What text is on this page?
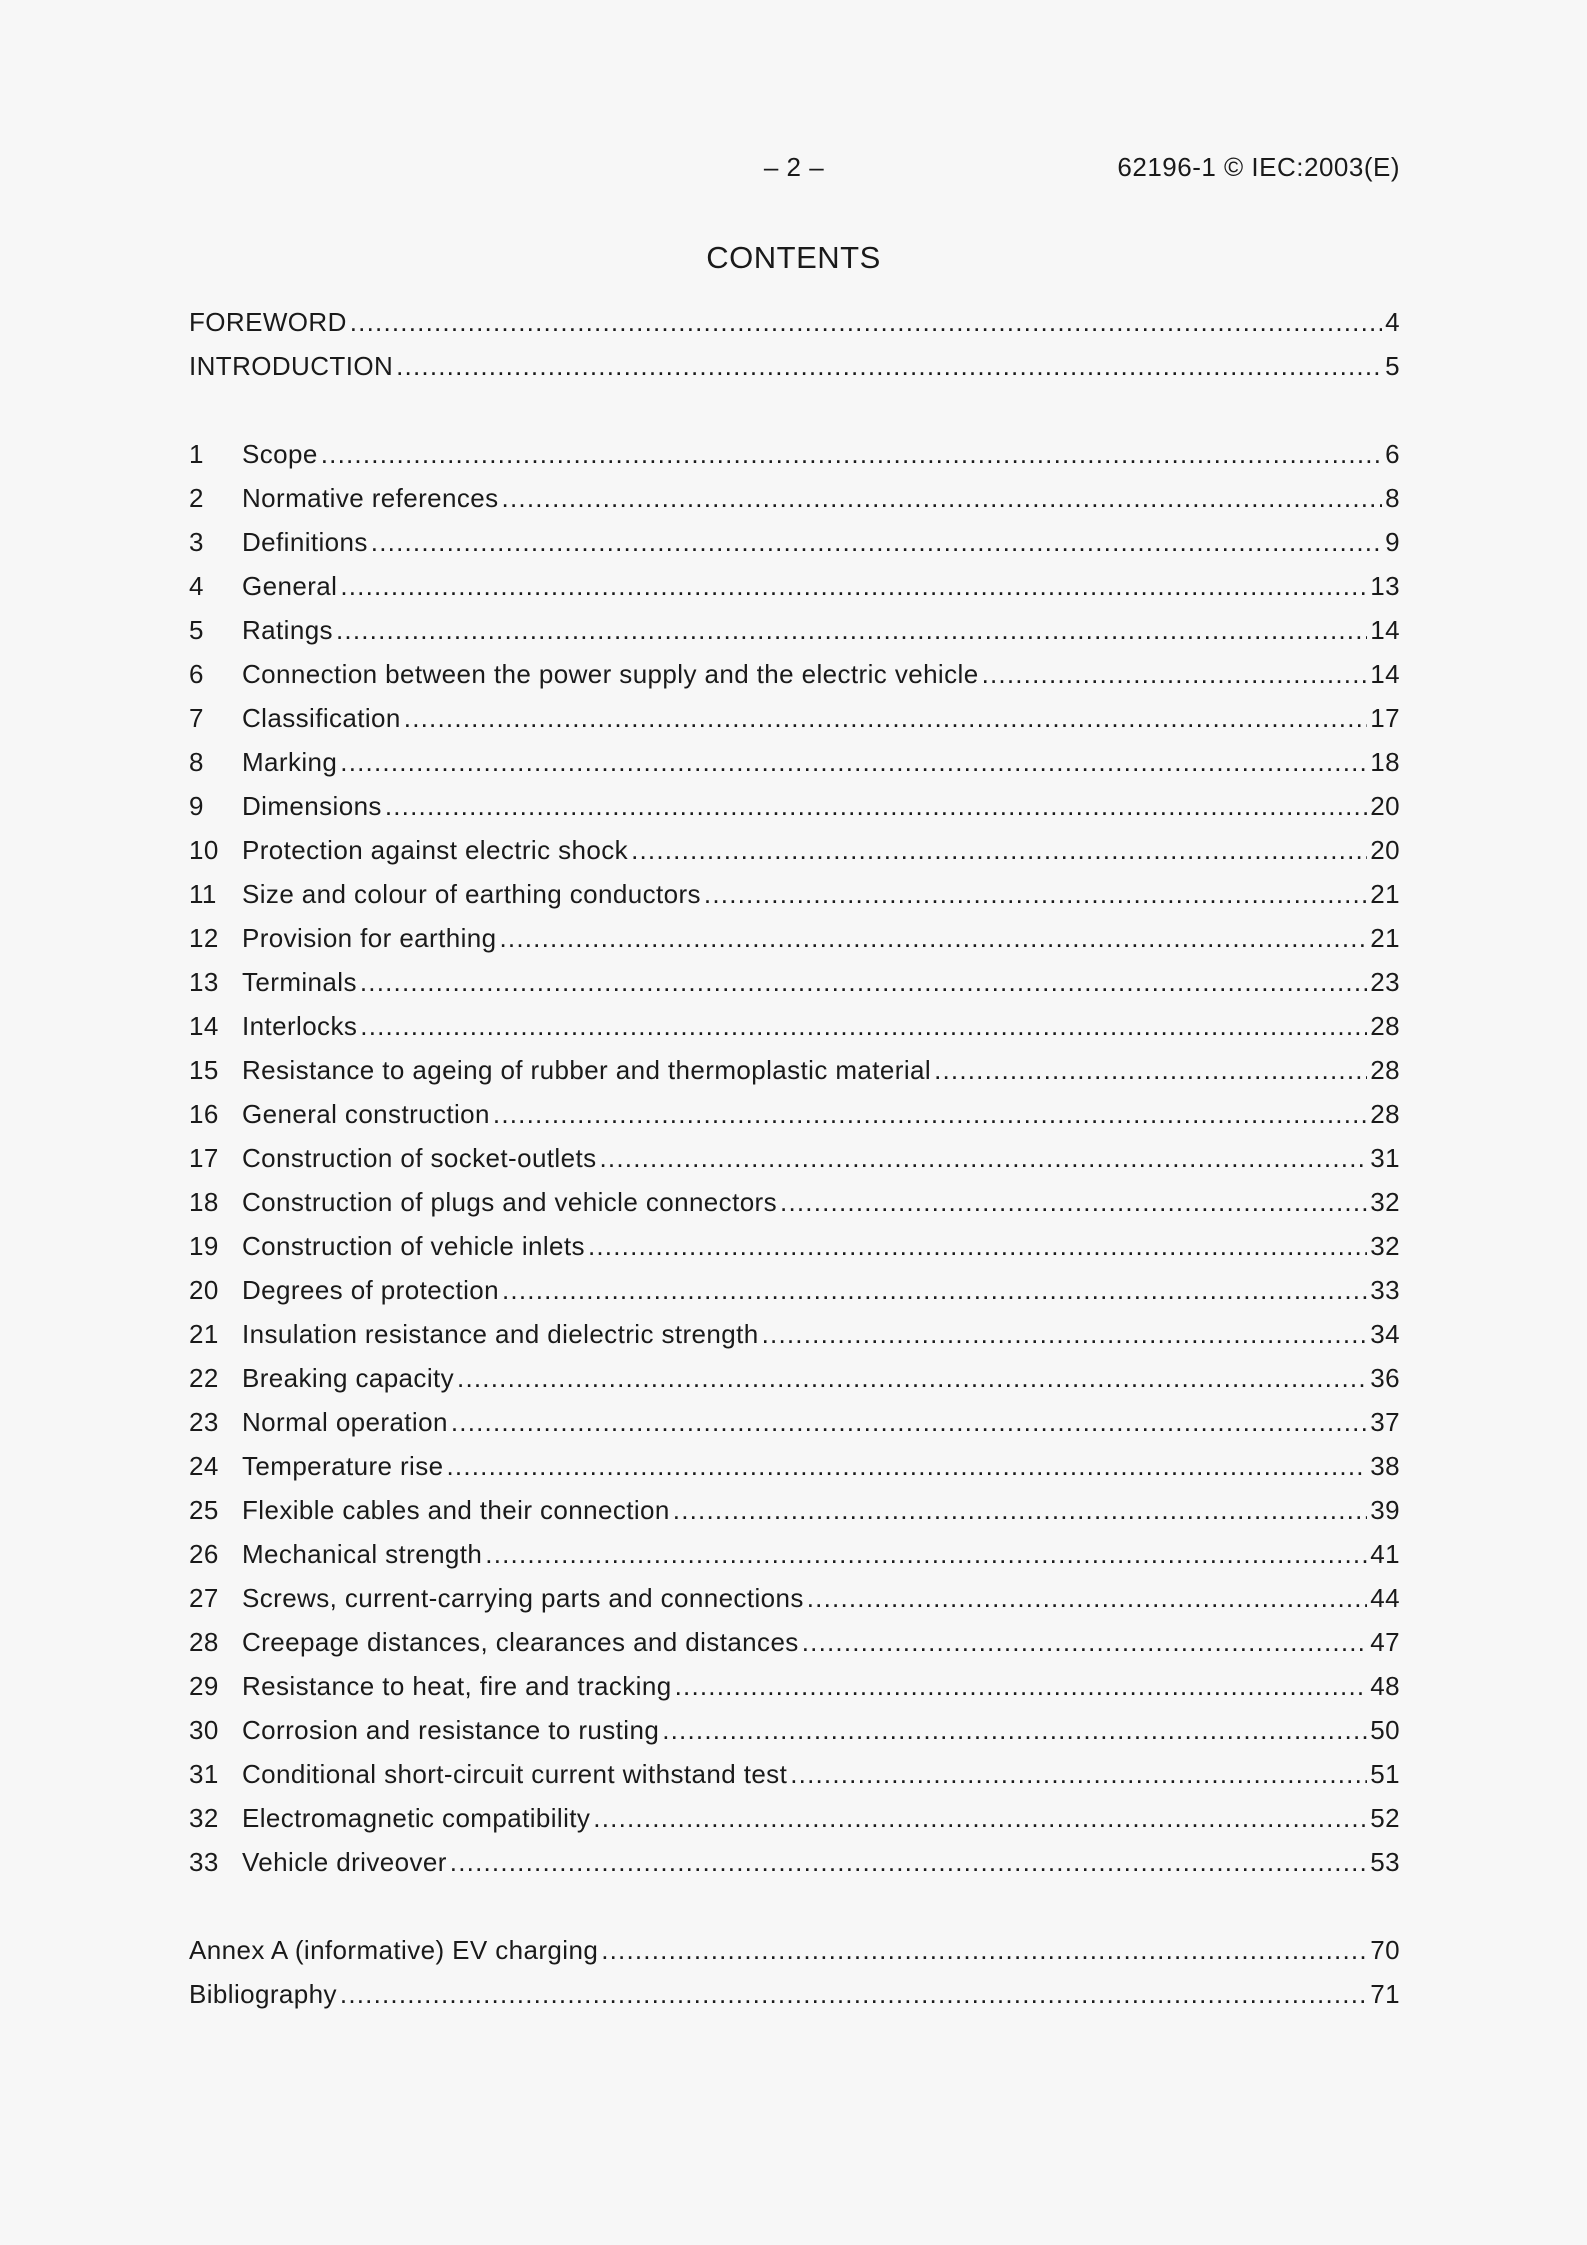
– 2 –	62196-1 © IEC:2003(E)
CONTENTS
FOREWORD .....	4
INTRODUCTION .....	5
1	Scope .....	6
2	Normative references .....	8
3	Definitions .....	9
4	General .....	13
5	Ratings .....	14
6	Connection between the power supply and the electric vehicle .....	14
7	Classification .....	17
8	Marking .....	18
9	Dimensions .....	20
10 Protection against electric shock .....	20
11 Size and colour of earthing conductors .....	21
12 Provision for earthing .....	21
13 Terminals .....	23
14 Interlocks .....	28
15 Resistance to ageing of rubber and thermoplastic material .....	28
16 General construction .....	28
17 Construction of socket-outlets .....	31
18 Construction of plugs and vehicle connectors .....	32
19 Construction of vehicle inlets .....	32
20 Degrees of protection .....	33
21 Insulation resistance and dielectric strength .....	34
22 Breaking capacity .....	36
23 Normal operation .....	37
24 Temperature rise .....	38
25 Flexible cables and their connection .....	39
26 Mechanical strength .....	41
27 Screws, current-carrying parts and connections .....	44
28 Creepage distances, clearances and distances .....	47
29 Resistance to heat, fire and tracking .....	48
30 Corrosion and resistance to rusting .....	50
31 Conditional short-circuit current withstand test .....	51
32 Electromagnetic compatibility .....	52
33 Vehicle driveover .....	53
Annex A (informative) EV charging .....	70
Bibliography .....	71
